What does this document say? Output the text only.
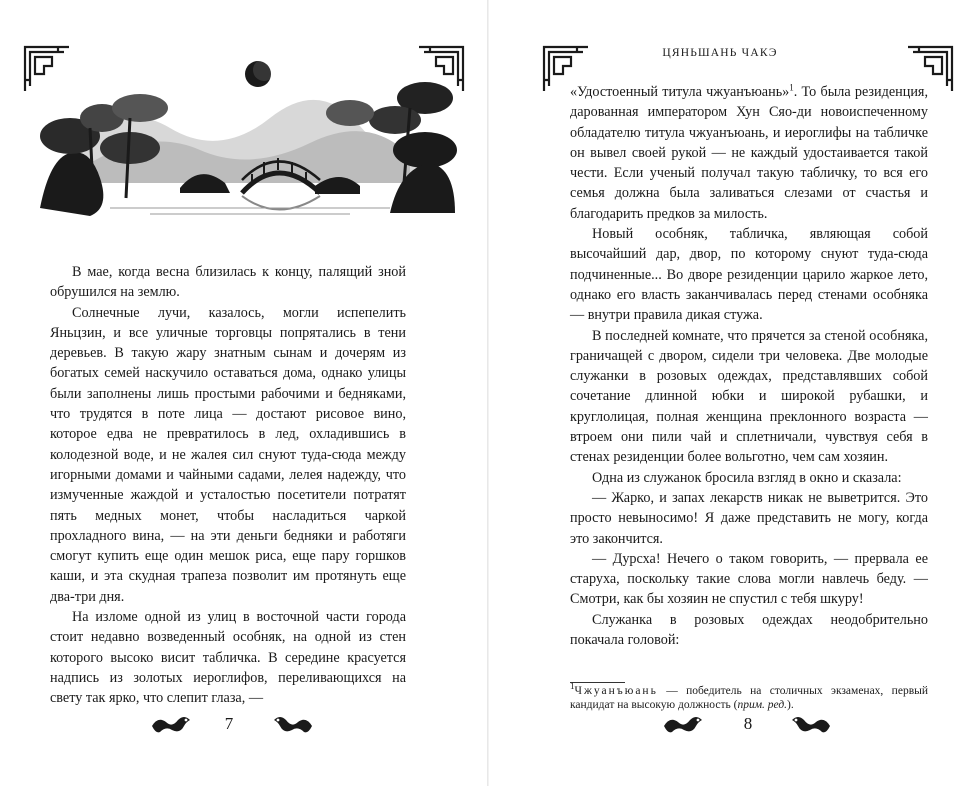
В мае, когда весна близилась к концу, палящий зной обрушился на землю.

Солнечные лучи, казалось, могли испепелить Яньцзин, и все уличные торговцы попрятались в тени деревьев. В такую жару знатным сынам и дочерям из богатых семей наскучило оставаться дома, однако улицы были заполнены лишь простыми рабочими и бедняками, что трудятся в поте лица — достают рисовое вино, которое едва не превратилось в лед, охладившись в колодезной воде, и не жалея сил снуют туда-сюда между игорными домами и чайными садами, лелея надежду, что измученные жаждой и усталостью посетители потратят пять медных монет, чтобы насладиться чаркой прохладного вина, — на эти деньги бедняки и работяги смогут купить еще один мешок риса, еще пару горшков каши, и эта скудная трапеза позволит им протянуть еще два-три дня.

На изломе одной из улиц в восточной части города стоит недавно возведенный особняк, на одной из стен которого высоко висит табличка. В середине красуется надпись из золотых иероглифов, переливающихся на свету так ярко, что слепит глаза, —

7
ЦЯНЬШАНЬ ЧАКЭ

«Удостоенный титула чжуанъюань»$^1$. То была резиденция, дарованная императором Хун Сяо-ди новоиспеченному обладателю титула чжуанъюань, и иероглифы на табличке он вывел своей рукой — не каждый удостаивается такой чести. Если ученый получал такую табличку, то вся его семья должна была заливаться слезами от счастья и благодарить предков за милость.

Новый особняк, табличка, являющая собой высочайший дар, двор, по которому снуют туда-сюда подчиненные... Во дворе резиденции царило жаркое лето, однако его власть заканчивалась перед стенами особняка — внутри правила дикая стужа.

В последней комнате, что прячется за стеной особняка, граничащей с двором, сидели три человека. Две молодые служанки в розовых одеждах, представлявших собой сочетание длинной юбки и широкой рубашки, и круглолицая, полная женщина преклонного возраста — втроем они пили чай и сплетничали, чувствуя себя в стенах резиденции более вольготно, чем сам хозяин.

Одна из служанок бросила взгляд в окно и сказала:

— Жарко, и запах лекарств никак не выветрится. Это просто невыносимо! Я даже представить не могу, когда это закончится.

— Дурсха! Нечего о таком говорить, — прервала ее старуха, поскольку такие слова могли навлечь беду. — Смотри, как бы хозяин не спустил с тебя шкуру!

Служанка в розовых одеждах неодобрительно покачала головой:

$^1$Чжуанъюань — победитель на столичных экзаменах, первый кандидат на высокую должность (прим. ред.).
8
